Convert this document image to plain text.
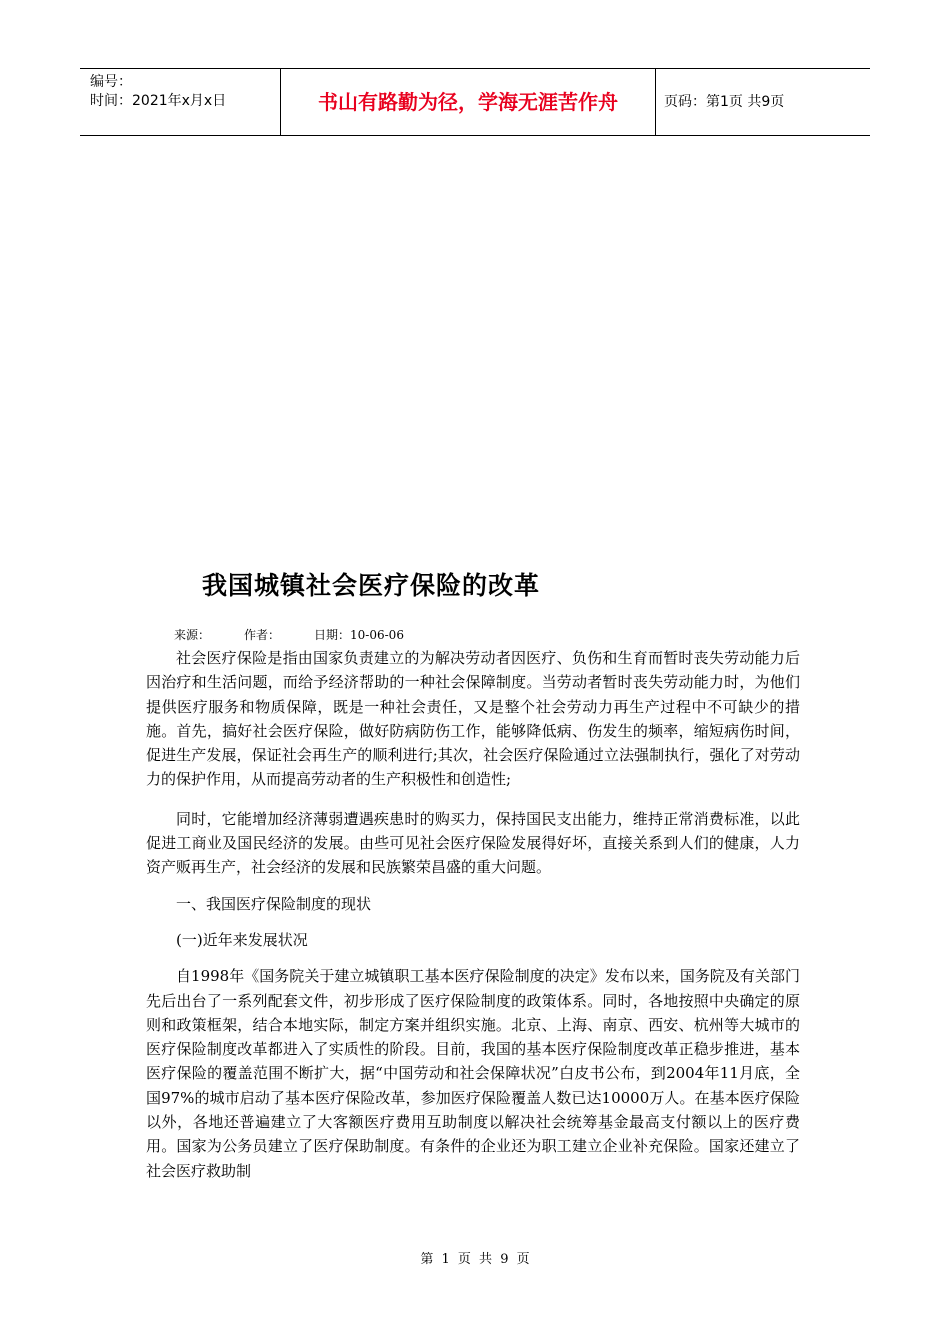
编号：
时间：2021年x月x日	书山有路勤为径，学海无涯苦作舟	页码：第1页 共9页
我国城镇社会医疗保险的改革
来源：	作者：	日期：10-06-06

社会医疗保险是指由国家负责建立的为解决劳动者因医疗、负伤和生育而暂时丧失劳动能力后因治疗和生活问题，而给予经济帮助的一种社会保障制度。当劳动者暂时丧失劳动能力时，为他们提供医疗服务和物质保障，既是一种社会责任，又是整个社会劳动力再生产过程中不可缺少的措施。首先，搞好社会医疗保险，做好防病防伤工作，能够降低病、伤发生的频率，缩短病伤时间，促进生产发展，保证社会再生产的顺利进行;其次，社会医疗保险通过立法强制执行，强化了对劳动力的保护作用，从而提高劳动者的生产积极性和创造性;

同时，它能增加经济薄弱遭遇疾患时的购买力，保持国民支出能力，维持正常消费标准，以此促进工商业及国民经济的发展。由些可见社会医疗保险发展得好坏，直接关系到人们的健康，人力资产贩再生产，社会经济的发展和民族繁荣昌盛的重大问题。

一、我国医疗保险制度的现状

(一)近年来发展状况

自1998年《国务院关于建立城镇职工基本医疗保险制度的决定》发布以来，国务院及有关部门先后出台了一系列配套文件，初步形成了医疗保险制度的政策体系。同时，各地按照中央确定的原则和政策框架，结合本地实际，制定方案并组织实施。北京、上海、南京、西安、杭州等大城市的医疗保险制度改革都进入了实质性的阶段。目前，我国的基本医疗保险制度改革正稳步推进，基本医疗保险的覆盖范围不断扩大，据“中国劳动和社会保障状况”白皮书公布，到2004年11月底，全国97%的城市启动了基本医疗保险改革，参加医疗保险覆盖人数已达10000万人。在基本医疗保险以外，各地还普遍建立了大客额医疗费用互助制度以解决社会统筹基金最高支付额以上的医疗费用。国家为公务员建立了医疗保助制度。有条件的企业还为职工建立企业补充保险。国家还建立了社会医疗救助制

第 1 页 共 9 页
